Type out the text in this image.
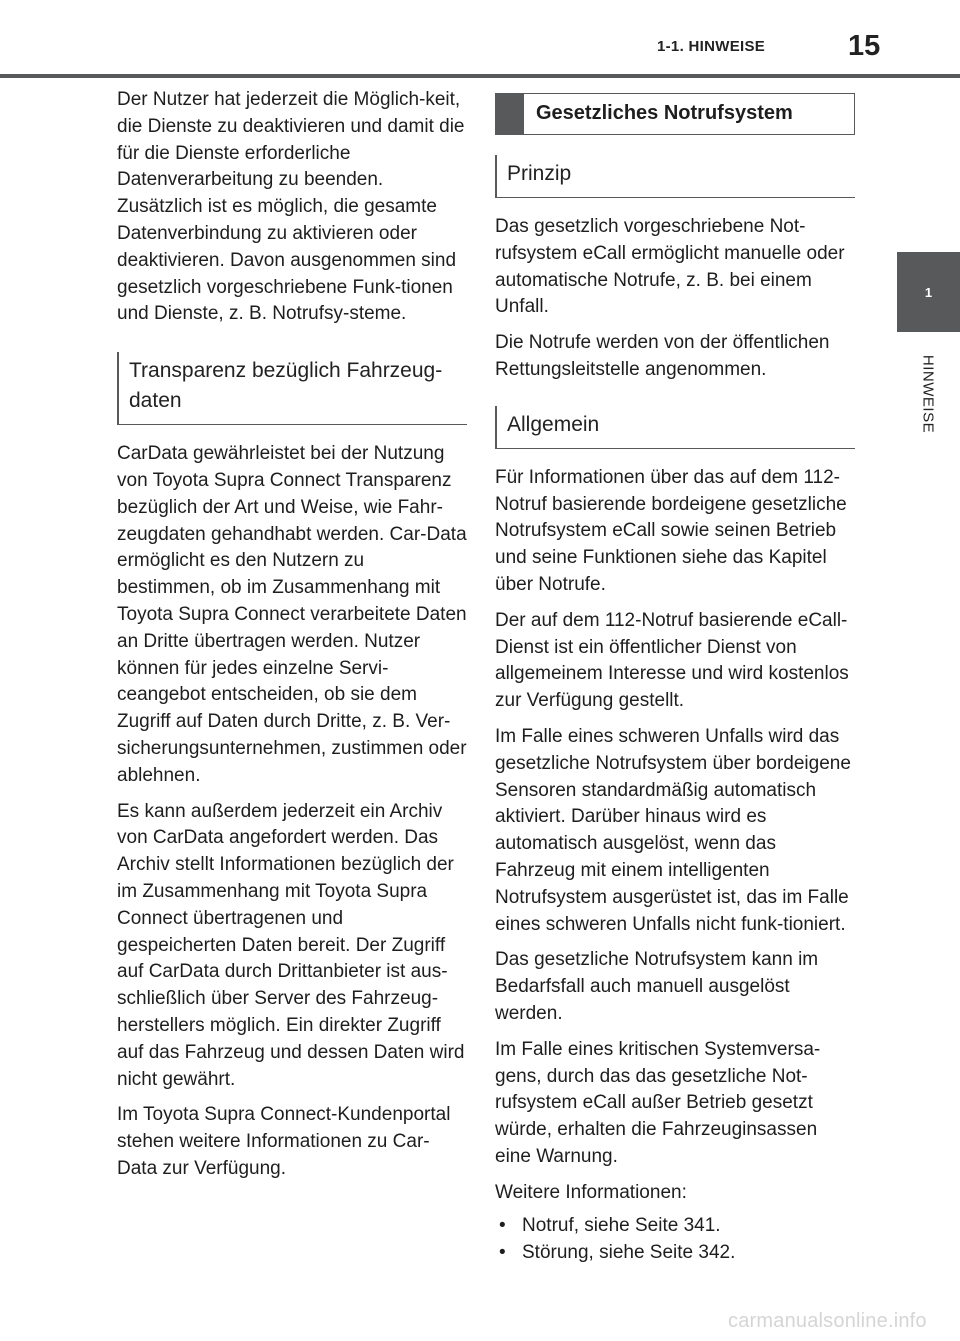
1-1. HINWEISE	15
1
HINWEISE

Der Nutzer hat jederzeit die Möglich-keit, die Dienste zu deaktivieren und damit die für die Dienste erforderliche Datenverarbeitung zu beenden. Zusätzlich ist es möglich, die gesamte Datenverbindung zu aktivieren oder deaktivieren. Davon ausgenommen sind gesetzlich vorgeschriebene Funk-tionen und Dienste, z. B. Notrufsy-steme.

Transparenz bezüglich Fahrzeug-daten

CarData gewährleistet bei der Nutzung von Toyota Supra Connect Transparenz bezüglich der Art und Weise, wie Fahr-zeugdaten gehandhabt werden. Car-Data ermöglicht es den Nutzern zu bestimmen, ob im Zusammenhang mit Toyota Supra Connect verarbeitete Daten an Dritte übertragen werden. Nutzer können für jedes einzelne Servi-ceangebot entscheiden, ob sie dem Zugriff auf Daten durch Dritte, z. B. Ver-sicherungsunternehmen, zustimmen oder ablehnen.

Es kann außerdem jederzeit ein Archiv von CarData angefordert werden. Das Archiv stellt Informationen bezüglich der im Zusammenhang mit Toyota Supra Connect übertragenen und gespeicherten Daten bereit. Der Zugriff auf CarData durch Drittanbieter ist aus-schließlich über Server des Fahrzeug-herstellers möglich. Ein direkter Zugriff auf das Fahrzeug und dessen Daten wird nicht gewährt.

Im Toyota Supra Connect-Kundenportal stehen weitere Informationen zu Car-Data zur Verfügung.

Gesetzliches Notrufsystem
Prinzip

Das gesetzlich vorgeschriebene Not-rufsystem eCall ermöglicht manuelle oder automatische Notrufe, z. B. bei einem Unfall.

Die Notrufe werden von der öffentlichen Rettungsleitstelle angenommen.

Allgemein

Für Informationen über das auf dem 112-Notruf basierende bordeigene gesetzliche Notrufsystem eCall sowie seinen Betrieb und seine Funktionen siehe das Kapitel über Notrufe.

Der auf dem 112-Notruf basierende eCall-Dienst ist ein öffentlicher Dienst von allgemeinem Interesse und wird kostenlos zur Verfügung gestellt.

Im Falle eines schweren Unfalls wird das gesetzliche Notrufsystem über bordeigene Sensoren standardmäßig automatisch aktiviert. Darüber hinaus wird es automatisch ausgelöst, wenn das Fahrzeug mit einem intelligenten Notrufsystem ausgerüstet ist, das im Falle eines schweren Unfalls nicht funk-tioniert.

Das gesetzliche Notrufsystem kann im Bedarfsfall auch manuell ausgelöst werden.

Im Falle eines kritischen Systemversa-gens, durch das das gesetzliche Not-rufsystem eCall außer Betrieb gesetzt würde, erhalten die Fahrzeuginsassen eine Warnung.

Weitere Informationen:

• Notruf, siehe Seite 341.
• Störung, siehe Seite 342.
carmanualsonline.info
